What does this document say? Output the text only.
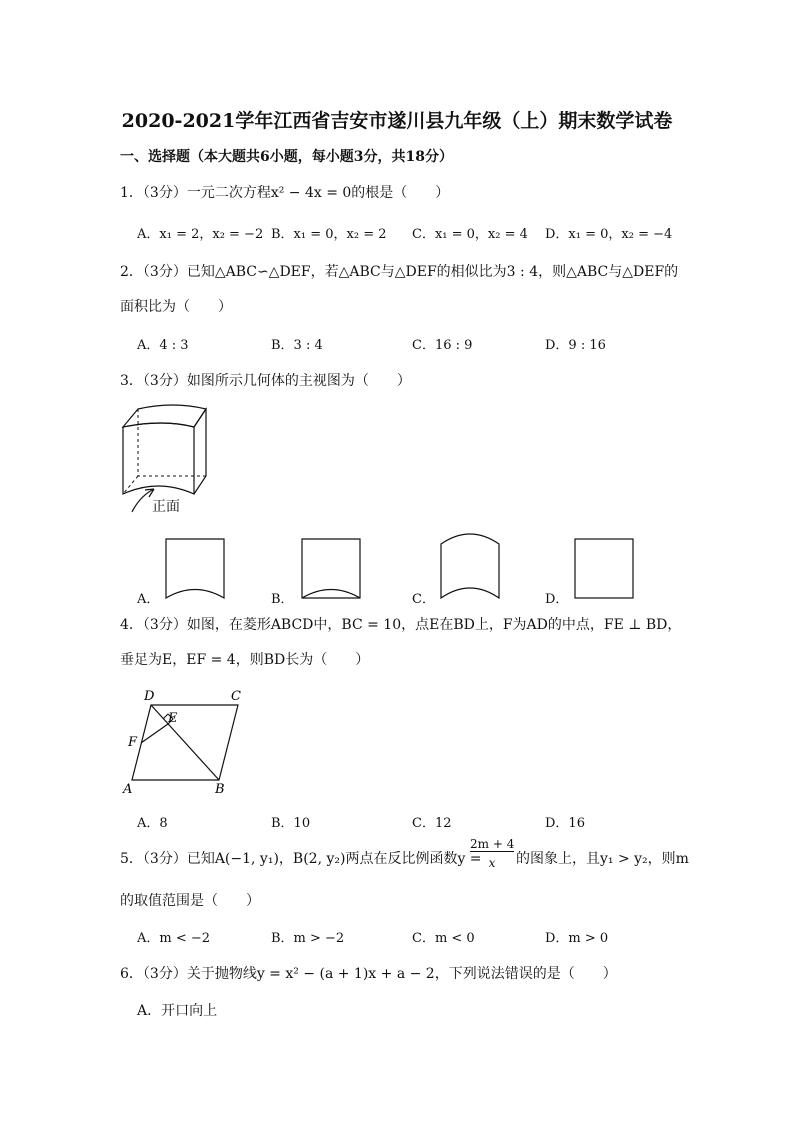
2020-2021学年江西省吉安市遂川县九年级（上）期末数学试卷
一、选择题（本大题共6小题，每小题3分，共18分）
1．（3分）一元二次方程x² − 4x = 0的根是（　　）
A．x₁ = 2，x₂ = −2 B．x₁ = 0，x₂ = 2 C．x₁ = 0，x₂ = 4 D．x₁ = 0，x₂ = −4
2．（3分）已知△ABC∽△DEF，若△ABC与△DEF的相似比为3 : 4，则△ABC与△DEF的
面积比为（　　）
A．4 : 3	B．3 : 4	C．16 : 9	D．9 : 16
3．（3分）如图所示几何体的主视图为（　　）
正面
A．	B．	C．	D．
4．（3分）如图，在菱形ABCD中，BC = 10，点E在BD上，F为AD的中点，FE ⊥ BD，
垂足为E，EF = 4，则BD长为（　　）
D	C
A	B
E
F
A．8	B．10	C．12	D．16
5．（3分）已知A(−1, y₁)，B(2, y₂)两点在反比例函数y =
2m + 4
x	的图象上，且y₁ > y₂，则m
的取值范围是（　　）
A．m < −2	B．m > −2	C．m < 0	D．m > 0
6．（3分）关于抛物线y = x² − (a + 1)x + a − 2，下列说法错误的是（　　）
A．开口向上
